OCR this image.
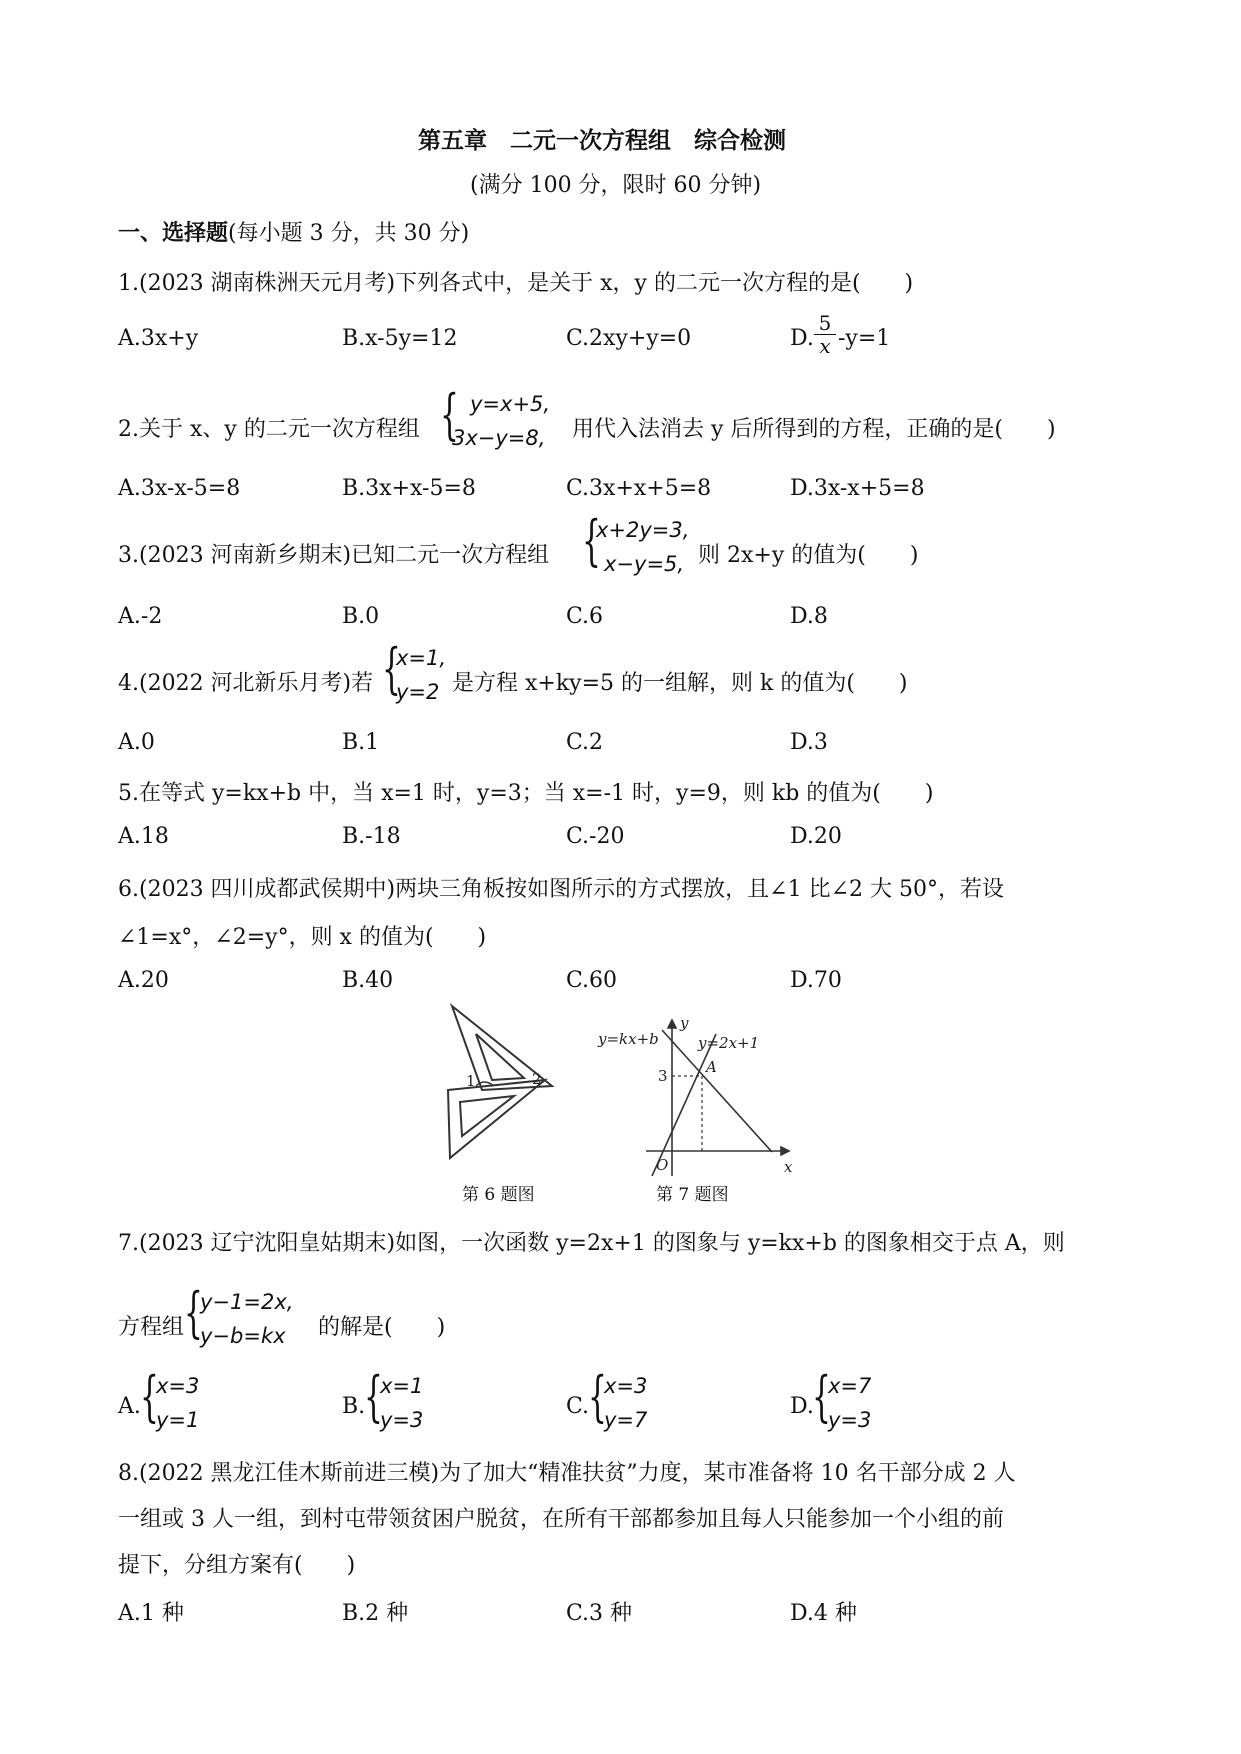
第五章　二元一次方程组　综合检测
(满分 100 分，限时 60 分钟)
一、选择题(每小题 3 分，共 30 分)
1.(2023 湖南株洲天元月考)下列各式中，是关于 x，y 的二元一次方程的是(　　)
A.3x+y	B.x-5y=12	C.2xy+y=0	D. $\frac{5}{x} -y=1$
2.关于 x、y 的二元一次方程组 { y=x+5,
3x−y=8, 用代入法消去 y 后所得到的方程，正确的是(　　)
A.3x-x-5=8	B.3x+x-5=8	C.3x+x+5=8	D.3x-x+5=8
3.(2023 河南新乡期末)已知二元一次方程组 {
x+2y=3,
x−y=5, 则 2x+y 的值为(　　)
A.-2	B.0	C.6	D.8
4.(2022 河北新乐月考)若 {
x=1,
y=2 是方程 x+ky=5 的一组解，则 k 的值为(　　)
A.0	B.1	C.2	D.3
5.在等式 y=kx+b 中，当 x=1 时，y=3；当 x=-1 时，y=9，则 kb 的值为(　　)
A.18	B.-18	C.-20	D.20
6.(2023 四川成都武侯期中)两块三角板按如图所示的方式摆放，且∠1 比∠2 大 50°，若设
∠1=x°，∠2=y°，则 x 的值为(　　)
A.20	B.40	C.60	D.70
1	2
第 6 题图
y=kx+b	y=2x+1
y
x
O
A
3
第 7 题图
7.(2023 辽宁沈阳皇姑期末)如图，一次函数 y=2x+1 的图象与 y=kx+b 的图象相交于点 A，则
方程组 {
y−1=2x,
y−b=kx 的解是(　　)
A. {
x=3
y=1
B.
{
x=1
y=3
C.
{
x=3
y=7
D.
{
x=7
y=3
8.(2022 黑龙江佳木斯前进三模)为了加大“精准扶贫”力度，某市准备将 10 名干部分成 2 人
一组或 3 人一组，到村屯带领贫困户脱贫，在所有干部都参加且每人只能参加一个小组的前
提下，分组方案有(　　)
A.1 种	B.2 种	C.3 种	D.4 种
